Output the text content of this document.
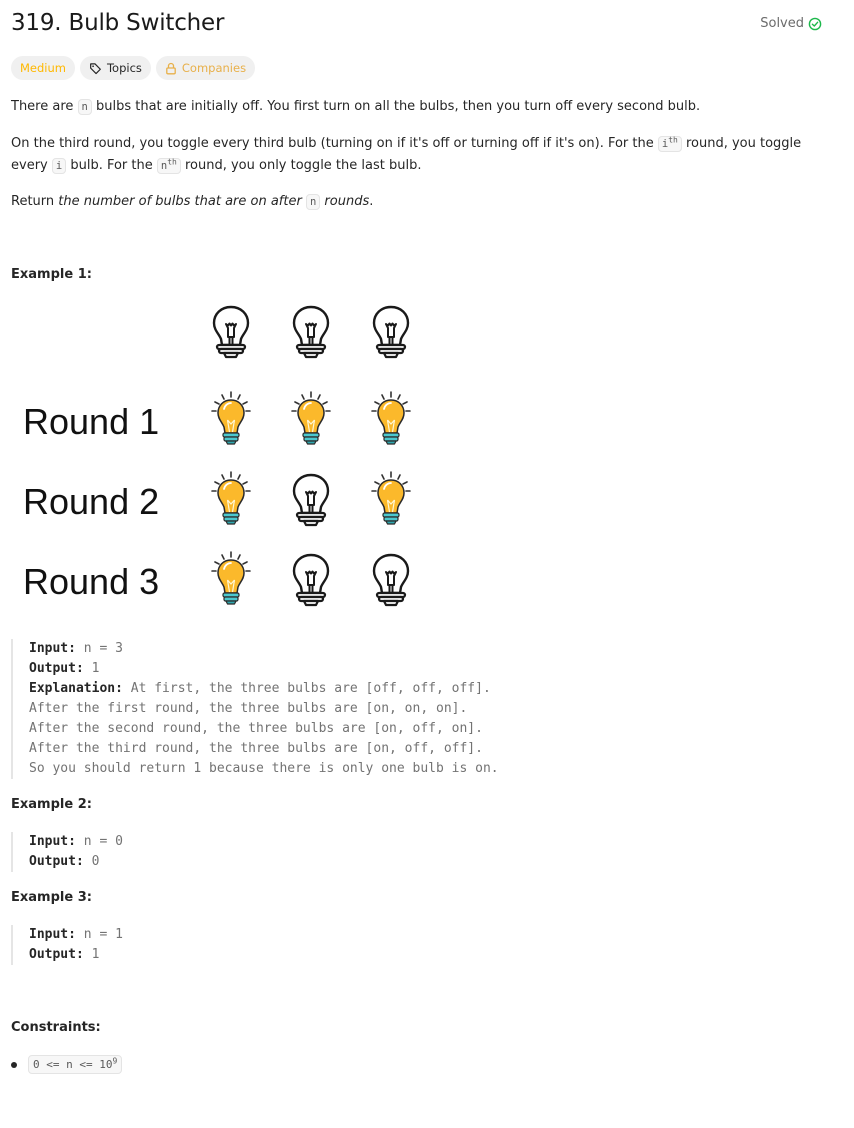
319. Bulb Switcher	Solved
Medium	Topics	Companies

There are n bulbs that are initially off. You first turn on all the bulbs, then you turn off every second bulb.

On the third round, you toggle every third bulb (turning on if it's off or turning off if it's on). For the $i^{th}$ round, you toggle every i bulb. For the $n^{th}$ round, you only toggle the last bulb.

Return the number of bulbs that are on after n rounds.

Example 1:
Round 1
Round 2
Round 3
Input: n = 3
Output: 1
Explanation: At first, the three bulbs are [off, off, off].
After the first round, the three bulbs are [on, on, on].
After the second round, the three bulbs are [on, off, on].
After the third round, the three bulbs are [on, off, off].
So you should return 1 because there is only one bulb is on.
Example 2:
Input: n = 0
Output: 0
Example 3:
Input: n = 1
Output: 1
Constraints:
$0 <= n <= 10^9$
